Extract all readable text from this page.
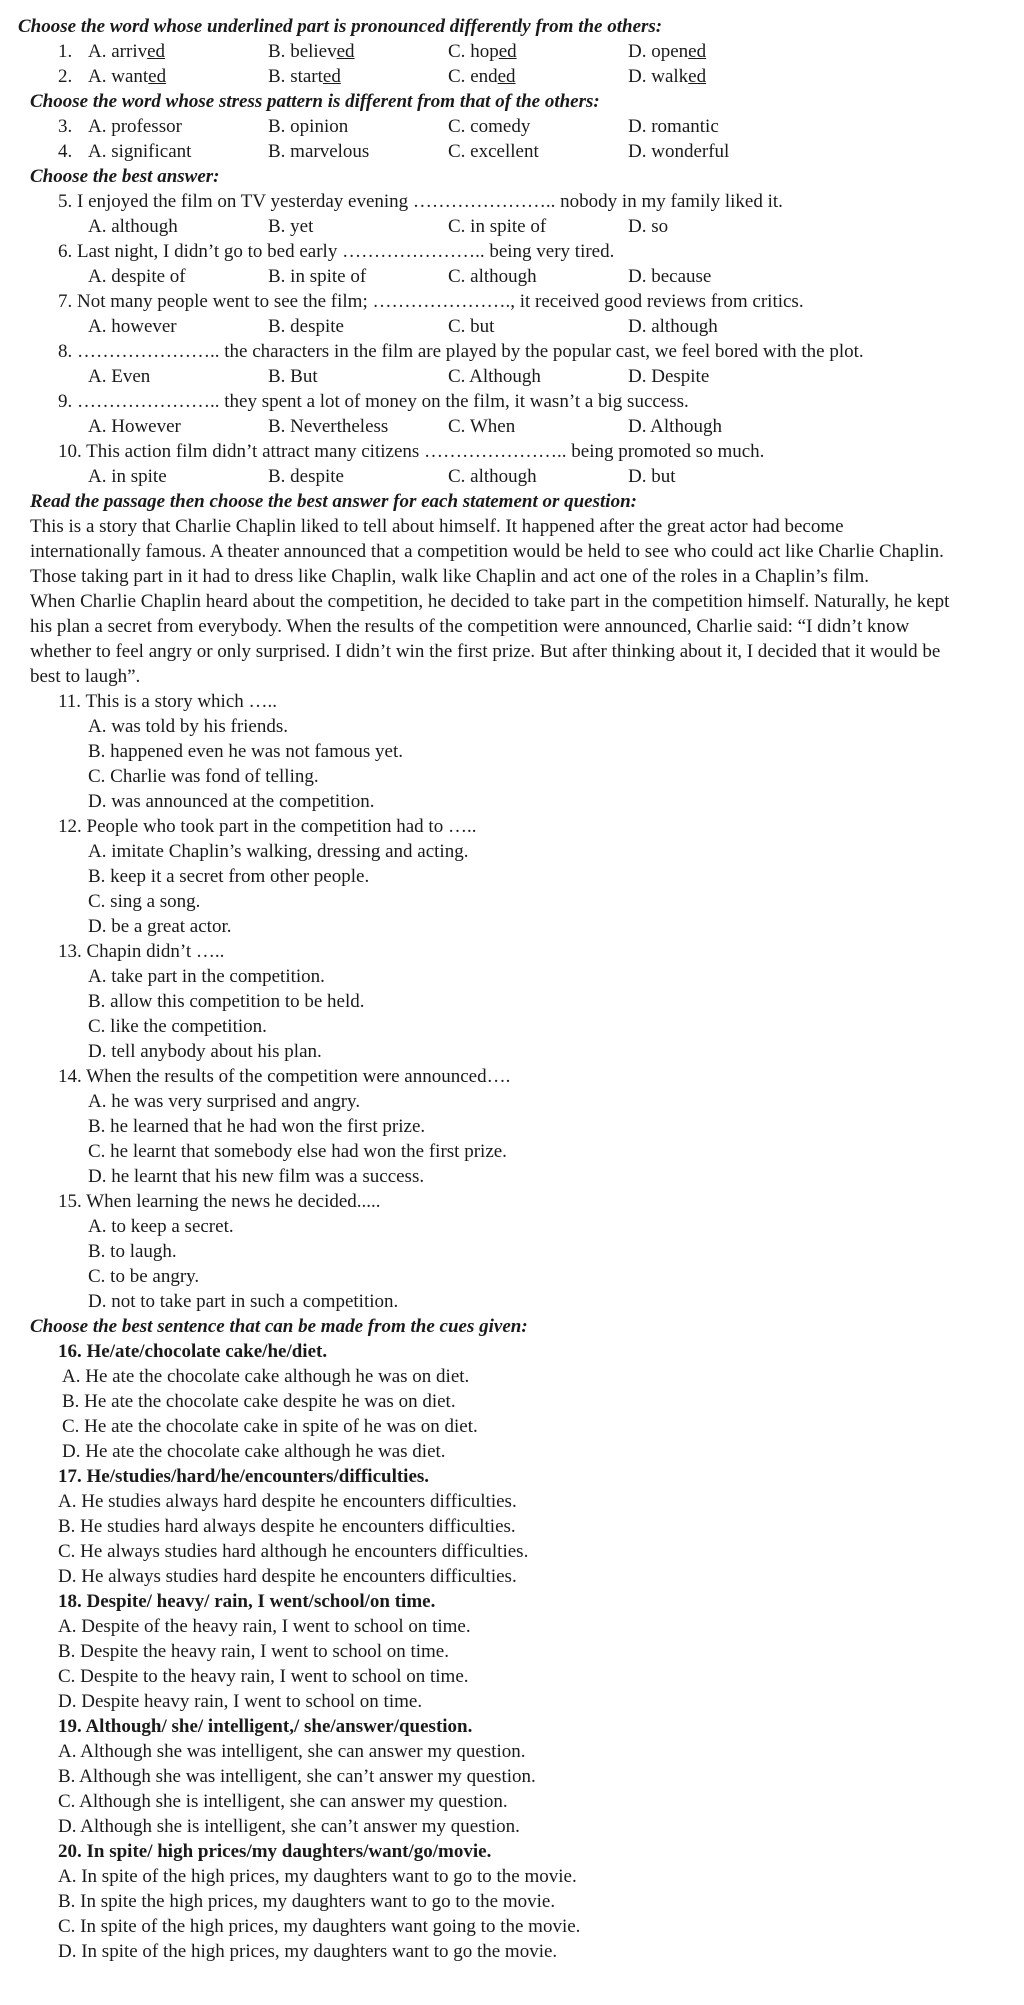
Choose the word whose underlined part is pronounced differently from the others:
1. A. arrived	B. believed	C. hoped	D. opened
2. A. wanted	B. started	C. ended	D. walked
Choose the word whose stress pattern is different from that of the others:
3. A. professor	B. opinion	C. comedy	D. romantic
4. A. significant	B. marvelous	C. excellent	D. wonderful
Choose the best answer:
5. I enjoyed the film on TV yesterday evening ………………….. nobody in my family liked it.
A. although	B. yet	C. in spite of	D. so
6. Last night, I didn’t go to bed early ………………….. being very tired.
A. despite of	B. in spite of	C. although	D. because
7. Not many people went to see the film; …………………., it received good reviews from critics.
A. however	B. despite	C. but	D. although
8. ………………….. the characters in the film are played by the popular cast, we feel bored with the plot.
A. Even	B. But	C. Although	D. Despite
9. ………………….. they spent a lot of money on the film, it wasn’t a big success.
A. However	B. Nevertheless	C. When	D. Although
10. This action film didn’t attract many citizens ………………….. being promoted so much.
A. in spite	B. despite	C. although	D. but
Read the passage then choose the best answer for each statement or question:
This is a story that Charlie Chaplin liked to tell about himself. It happened after the great actor had become
internationally famous. A theater announced that a competition would be held to see who could act like Charlie Chaplin.
Those taking part in it had to dress like Chaplin, walk like Chaplin and act one of the roles in a Chaplin’s film.
When Charlie Chaplin heard about the competition, he decided to take part in the competition himself. Naturally, he kept
his plan a secret from everybody. When the results of the competition were announced, Charlie said: “I didn’t know
whether to feel angry or only surprised. I didn’t win the first prize. But after thinking about it, I decided that it would be
best to laugh”.
11. This is a story which …..
A. was told by his friends.
B. happened even he was not famous yet.
C. Charlie was fond of telling.
D. was announced at the competition.
12. People who took part in the competition had to …..
A. imitate Chaplin’s walking, dressing and acting.
B. keep it a secret from other people.
C. sing a song.
D. be a great actor.
13. Chapin didn’t …..
A. take part in the competition.
B. allow this competition to be held.
C. like the competition.
D. tell anybody about his plan.
14. When the results of the competition were announced….
A. he was very surprised and angry.
B. he learned that he had won the first prize.
C. he learnt that somebody else had won the first prize.
D. he learnt that his new film was a success.
15. When learning the news he decided.....
A. to keep a secret.
B. to laugh.
C. to be angry.
D. not to take part in such a competition.
Choose the best sentence that can be made from the cues given:
16. He/ate/chocolate cake/he/diet.
A. He ate the chocolate cake although he was on diet.
B. He ate the chocolate cake despite he was on diet.
C. He ate the chocolate cake in spite of he was on diet.
D. He ate the chocolate cake although he was diet.
17. He/studies/hard/he/encounters/difficulties.
A. He studies always hard despite he encounters difficulties.
B. He studies hard always despite he encounters difficulties.
C. He always studies hard although he encounters difficulties.
D. He always studies hard despite he encounters difficulties.
18. Despite/ heavy/ rain, I went/school/on time.
A. Despite of the heavy rain, I went to school on time.
B. Despite the heavy rain, I went to school on time.
C. Despite to the heavy rain, I went to school on time.
D. Despite heavy rain, I went to school on time.
19. Although/ she/ intelligent,/ she/answer/question.
A. Although she was intelligent, she can answer my question.
B. Although she was intelligent, she can’t answer my question.
C. Although she is intelligent, she can answer my question.
D. Although she is intelligent, she can’t answer my question.
20. In spite/ high prices/my daughters/want/go/movie.
A. In spite of the high prices, my daughters want to go to the movie.
B. In spite the high prices, my daughters want to go to the movie.
C. In spite of the high prices, my daughters want going to the movie.
D. In spite of the high prices, my daughters want to go the movie.
